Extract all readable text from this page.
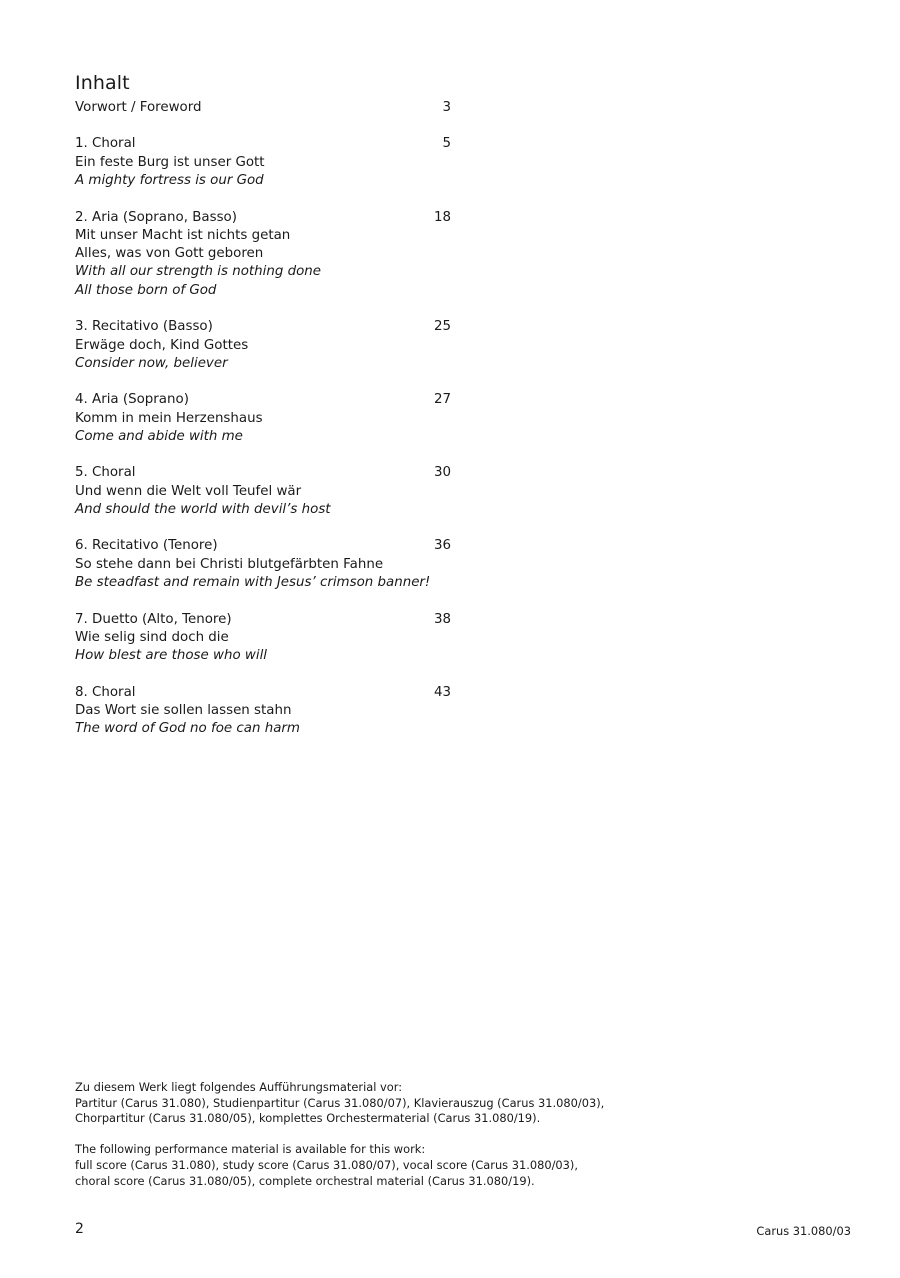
Inhalt
Vorwort / Foreword	3
1. Choral	5
Ein feste Burg ist unser Gott
A mighty fortress is our God
2. Aria (Soprano, Basso)	18
Mit unser Macht ist nichts getan
Alles, was von Gott geboren
With all our strength is nothing done
All those born of God
3. Recitativo (Basso)	25
Erwäge doch, Kind Gottes
Consider now, believer
4. Aria (Soprano)	27
Komm in mein Herzenshaus
Come and abide with me
5. Choral	30
Und wenn die Welt voll Teufel wär
And should the world with devil’s host
6. Recitativo (Tenore)	36
So stehe dann bei Christi blutgefärbten Fahne
Be steadfast and remain with Jesus’ crimson banner!
7. Duetto (Alto, Tenore)	38
Wie selig sind doch die
How blest are those who will
8. Choral	43
Das Wort sie sollen lassen stahn
The word of God no foe can harm

Zu diesem Werk liegt folgendes Aufführungsmaterial vor:
Partitur (Carus 31.080), Studienpartitur (Carus 31.080/07), Klavierauszug (Carus 31.080/03),
Chorpartitur (Carus 31.080/05), komplettes Orchestermaterial (Carus 31.080/19).

The following performance material is available for this work:
full score (Carus 31.080), study score (Carus 31.080/07), vocal score (Carus 31.080/03),
choral score (Carus 31.080/05), complete orchestral material (Carus 31.080/19).

2	Carus 31.080/03
